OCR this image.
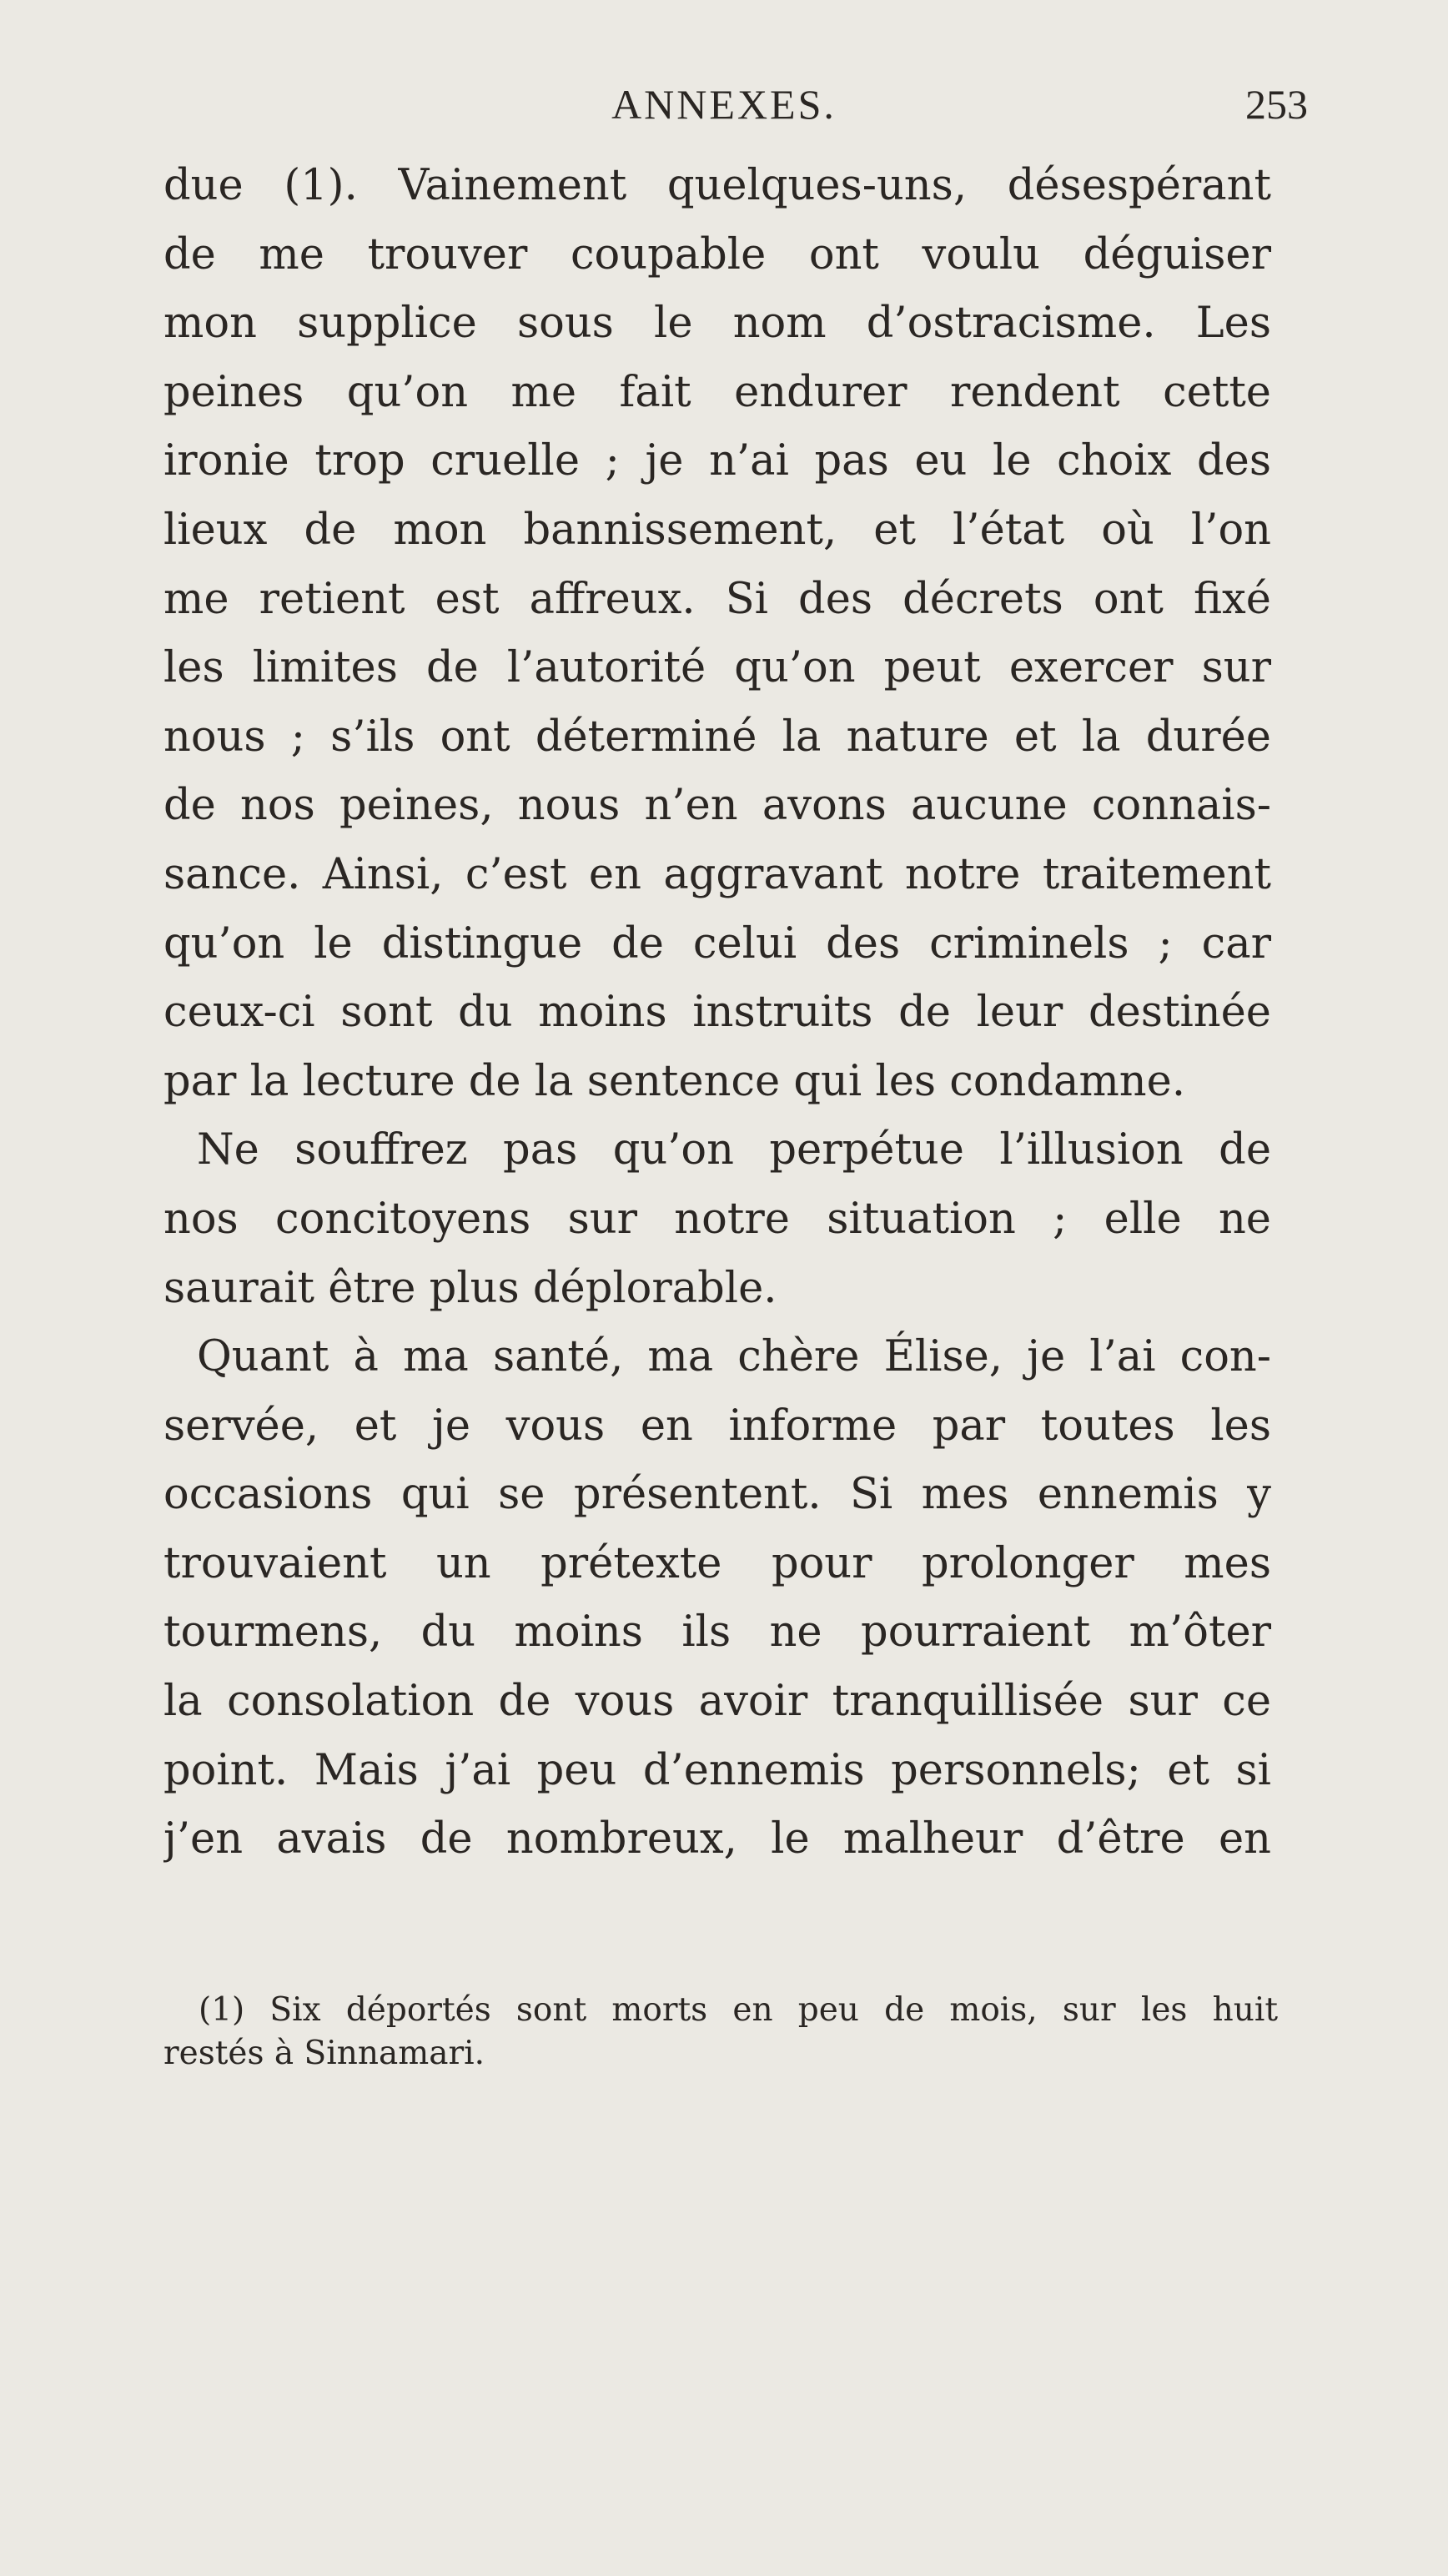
ANNEXES.	253
due (1). Vainement quelques-uns, désespérant
de me trouver coupable ont voulu déguiser
mon supplice sous le nom d’ostracisme. Les
peines qu’on me fait endurer rendent cette
ironie trop cruelle ; je n’ai pas eu le choix des
lieux de mon bannissement, et l’état où l’on
me retient est affreux. Si des décrets ont fixé
les limites de l’autorité qu’on peut exercer sur
nous ; s’ils ont déterminé la nature et la durée
de nos peines, nous n’en avons aucune connais-
sance. Ainsi, c’est en aggravant notre traitement
qu’on le distingue de celui des criminels ; car
ceux-ci sont du moins instruits de leur destinée
par la lecture de la sentence qui les condamne.
Ne souffrez pas qu’on perpétue l’illusion de
nos concitoyens sur notre situation ; elle ne
saurait être plus déplorable.
Quant à ma santé, ma chère Élise, je l’ai con-
servée, et je vous en informe par toutes les
occasions qui se présentent. Si mes ennemis y
trouvaient un prétexte pour prolonger mes
tourmens, du moins ils ne pourraient m’ôter
la consolation de vous avoir tranquillisée sur ce
point. Mais j’ai peu d’ennemis personnels; et si
j’en avais de nombreux, le malheur d’être en
(1) Six déportés sont morts en peu de mois, sur les huit
restés à Sinnamari.
